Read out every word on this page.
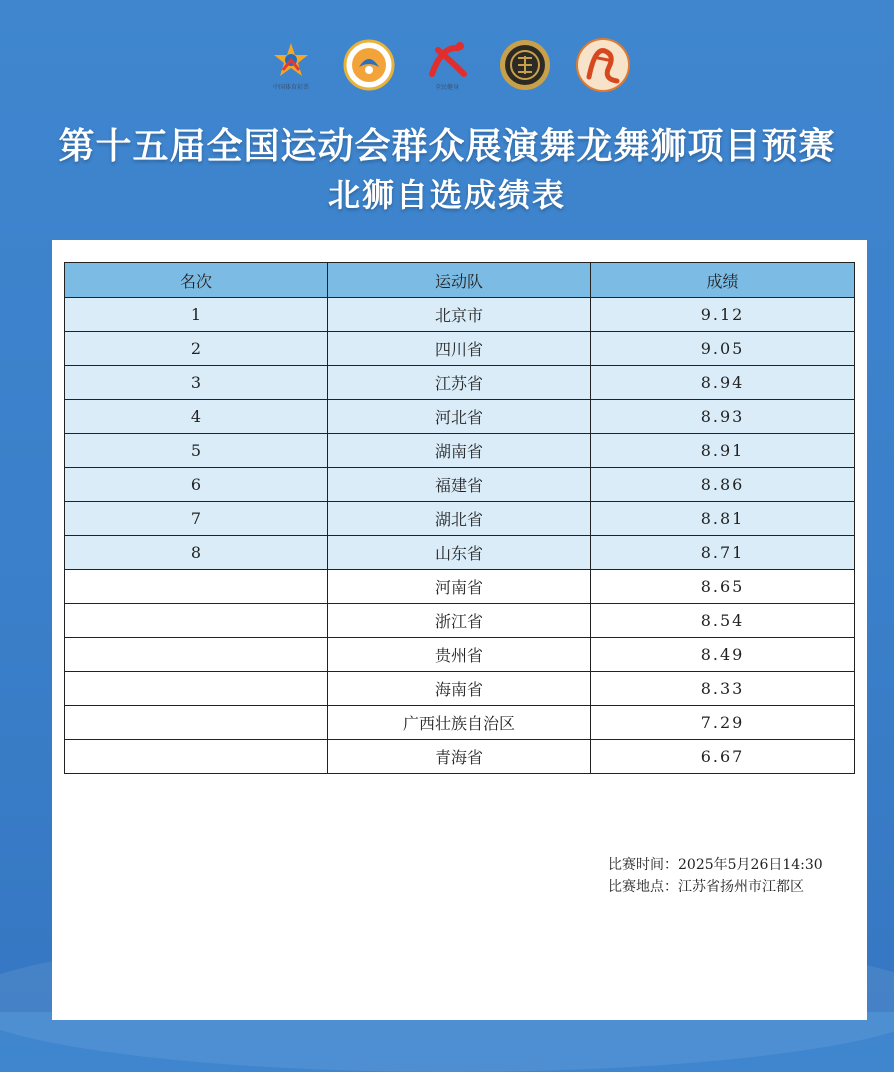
中国体育彩票	全民健身
第十五届全国运动会群众展演舞龙舞狮项目预赛
北狮自选成绩表
名次	运动队	成绩
1	北京市	9.12
2	四川省	9.05
3	江苏省	8.94
4	河北省	8.93
5	湖南省	8.91
6	福建省	8.86
7	湖北省	8.81
8	山东省	8.71
	河南省	8.65
	浙江省	8.54
	贵州省	8.49
	海南省	8.33
	广西壮族自治区	7.29
	青海省	6.67
比赛时间：2025年5月26日14:30
比赛地点：江苏省扬州市江都区
